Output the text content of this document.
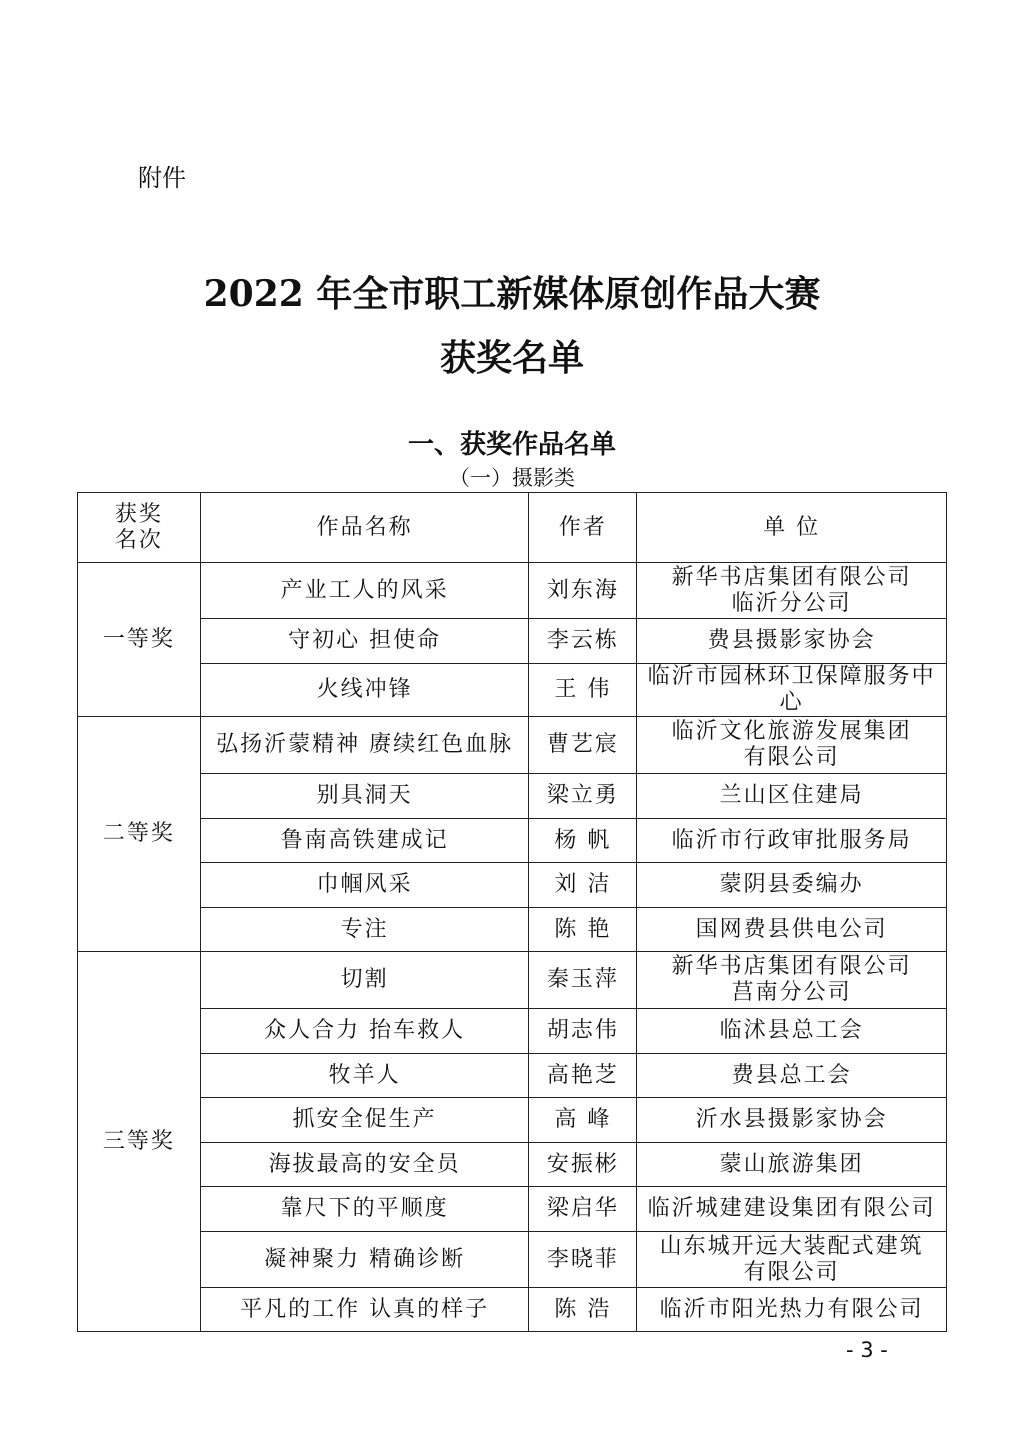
附件
2022 年全市职工新媒体原创作品大赛
获奖名单
一、获奖作品名单
（一）摄影类
获奖
名次	作品名称	作者	单 位
一等奖	产业工人的风采	刘东海	新华书店集团有限公司
临沂分公司

	守初心 担使命	李云栋	费县摄影家协会
	火线冲锋	王 伟	临沂市园林环卫保障服务中心
二等奖	弘扬沂蒙精神 赓续红色血脉	曹艺宸	临沂文化旅游发展集团
有限公司

	别具洞天	梁立勇	兰山区住建局
	鲁南高铁建成记	杨 帆	临沂市行政审批服务局
	巾帼风采	刘 洁	蒙阴县委编办
	专注	陈 艳	国网费县供电公司
三等奖	切割	秦玉萍	新华书店集团有限公司
莒南分公司

	众人合力 抬车救人	胡志伟	临沭县总工会
	牧羊人	高艳芝	费县总工会
	抓安全促生产	高 峰	沂水县摄影家协会
	海拔最高的安全员	安振彬	蒙山旅游集团
	靠尺下的平顺度	梁启华	临沂城建建设集团有限公司
	凝神聚力 精确诊断	李晓菲	山东城开远大装配式建筑
有限公司

	平凡的工作 认真的样子	陈 浩	临沂市阳光热力有限公司
- 3 -
